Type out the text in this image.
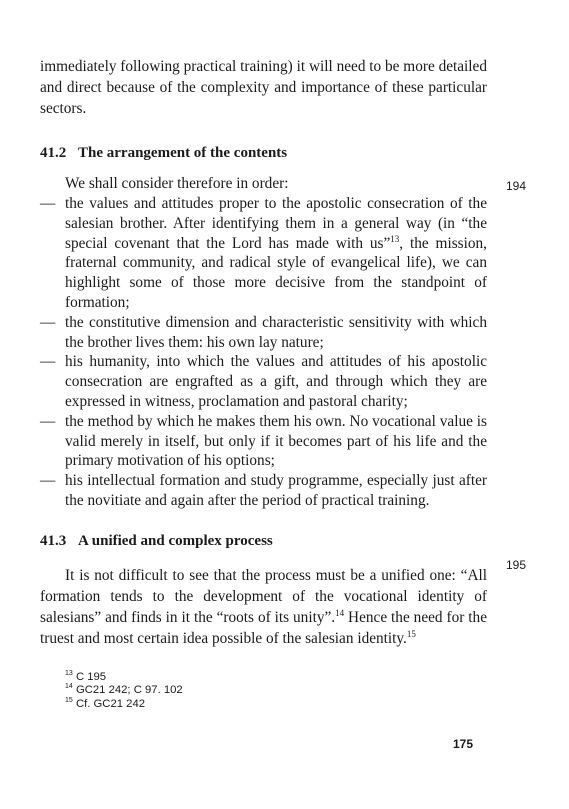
immediately following practical training) it will need to be more detailed and direct because of the complexity and importance of these particular sectors.

41.2 The arrangement of the contents

We shall consider therefore in order:

— the values and attitudes proper to the apostolic consecration of the salesian brother. After identifying them in a general way (in “the special covenant that the Lord has made with us”$^{13}$, the mission, fraternal community, and radical style of evangelical life), we can highlight some of those more decisive from the standpoint of formation;
— the constitutive dimension and characteristic sensitivity with which the brother lives them: his own lay nature;
— his humanity, into which the values and attitudes of his apostolic consecration are engrafted as a gift, and through which they are expressed in witness, proclamation and pastoral charity;
— the method by which he makes them his own. No vocational value is valid merely in itself, but only if it becomes part of his life and the primary motivation of his options;
— his intellectual formation and study programme, especially just after the novitiate and again after the period of practical training.

41.3 A unified and complex process

It is not difficult to see that the process must be a unified one: “All formation tends to the development of the vocational identity of salesians” and finds in it the “roots of its unity”.$^{14}$ Hence the need for the truest and most certain idea possible of the salesian identity.$^{15}$

$^{13}$ C 195

$^{14}$ GC21 242; C 97. 102

$^{15}$ Cf. GC21 242

194
195
175
